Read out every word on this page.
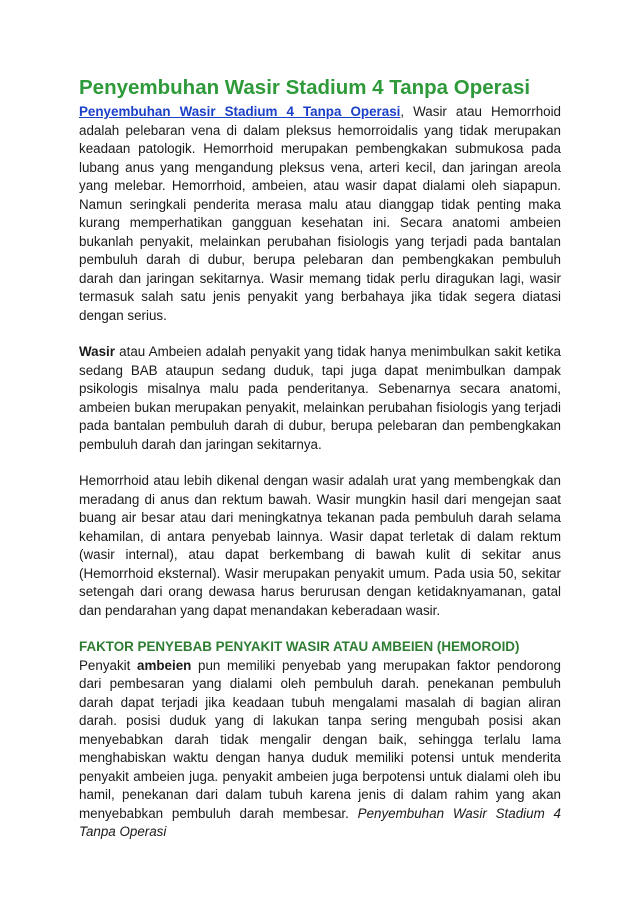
Penyembuhan Wasir Stadium 4 Tanpa Operasi

Penyembuhan Wasir Stadium 4 Tanpa Operasi, Wasir atau Hemorrhoid adalah pelebaran vena di dalam pleksus hemorroidalis yang tidak merupakan keadaan patologik. Hemorrhoid merupakan pembengkakan submukosa pada lubang anus yang mengandung pleksus vena, arteri kecil, dan jaringan areola yang melebar. Hemorrhoid, ambeien, atau wasir dapat dialami oleh siapapun. Namun seringkali penderita merasa malu atau dianggap tidak penting maka kurang memperhatikan gangguan kesehatan ini. Secara anatomi ambeien bukanlah penyakit, melainkan perubahan fisiologis yang terjadi pada bantalan pembuluh darah di dubur, berupa pelebaran dan pembengkakan pembuluh darah dan jaringan sekitarnya. Wasir memang tidak perlu diragukan lagi, wasir termasuk salah satu jenis penyakit yang berbahaya jika tidak segera diatasi dengan serius.

Wasir atau Ambeien adalah penyakit yang tidak hanya menimbulkan sakit ketika sedang BAB ataupun sedang duduk, tapi juga dapat menimbulkan dampak psikologis misalnya malu pada penderitanya. Sebenarnya secara anatomi, ambeien bukan merupakan penyakit, melainkan perubahan fisiologis yang terjadi pada bantalan pembuluh darah di dubur, berupa pelebaran dan pembengkakan pembuluh darah dan jaringan sekitarnya.

Hemorrhoid atau lebih dikenal dengan wasir adalah urat yang membengkak dan meradang di anus dan rektum bawah. Wasir mungkin hasil dari mengejan saat buang air besar atau dari meningkatnya tekanan pada pembuluh darah selama kehamilan, di antara penyebab lainnya. Wasir dapat terletak di dalam rektum (wasir internal), atau dapat berkembang di bawah kulit di sekitar anus (Hemorrhoid eksternal). Wasir merupakan penyakit umum. Pada usia 50, sekitar setengah dari orang dewasa harus berurusan dengan ketidaknyamanan, gatal dan pendarahan yang dapat menandakan keberadaan wasir.

FAKTOR PENYEBAB PENYAKIT WASIR ATAU AMBEIEN (HEMOROID)

Penyakit ambeien pun memiliki penyebab yang merupakan faktor pendorong dari pembesaran yang dialami oleh pembuluh darah. penekanan pembuluh darah dapat terjadi jika keadaan tubuh mengalami masalah di bagian aliran darah. posisi duduk yang di lakukan tanpa sering mengubah posisi akan menyebabkan darah tidak mengalir dengan baik, sehingga terlalu lama menghabiskan waktu dengan hanya duduk memiliki potensi untuk menderita penyakit ambeien juga. penyakit ambeien juga berpotensi untuk dialami oleh ibu hamil, penekanan dari dalam tubuh karena jenis di dalam rahim yang akan menyebabkan pembuluh darah membesar. Penyembuhan Wasir Stadium 4 Tanpa Operasi
